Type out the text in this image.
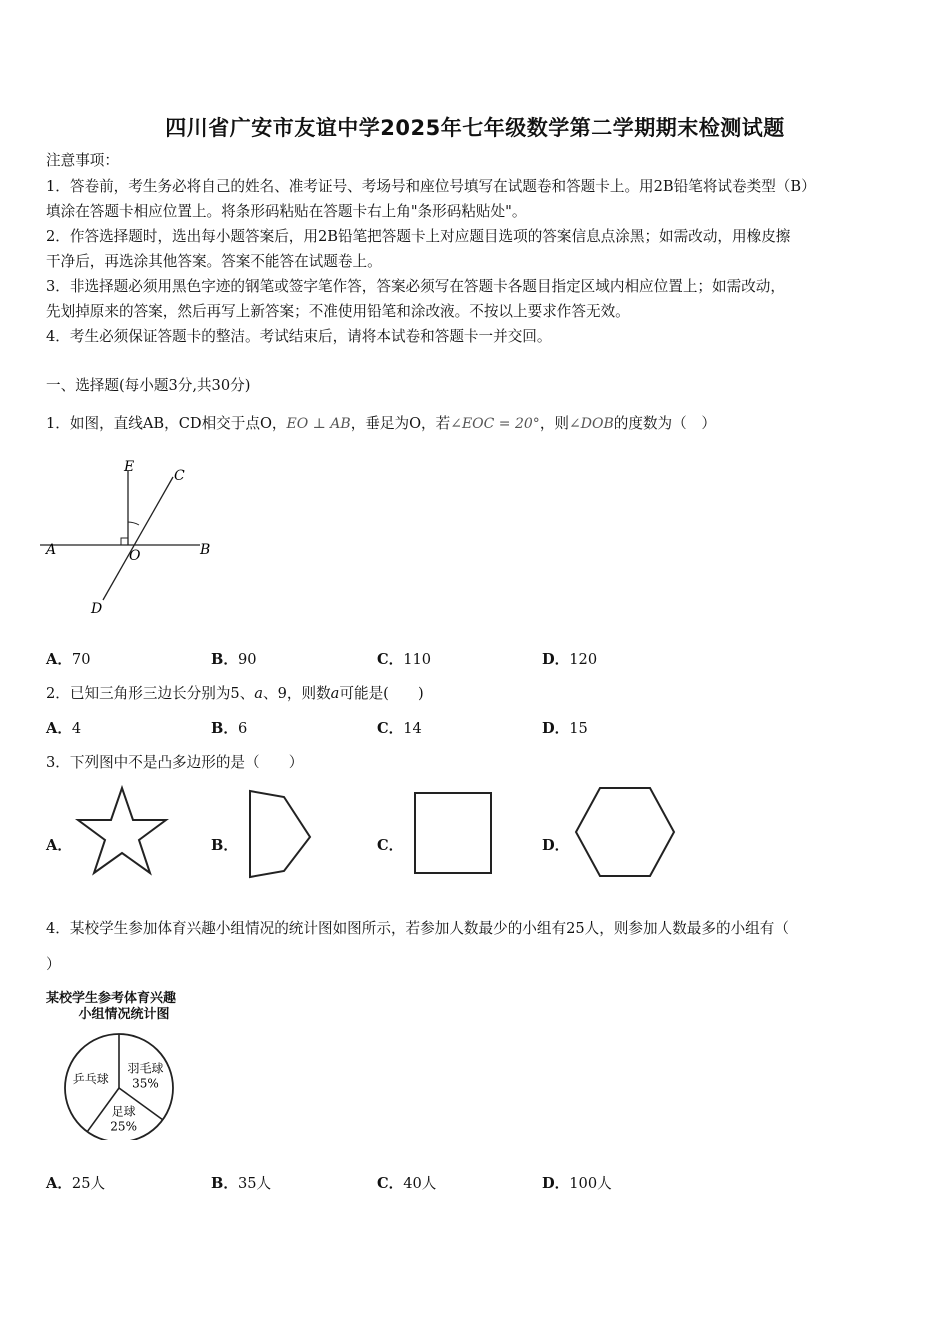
四川省广安市友谊中学2025年七年级数学第二学期期末检测试题
注意事项：
1．答卷前，考生务必将自己的姓名、准考证号、考场号和座位号填写在试题卷和答题卡上。用2B铅笔将试卷类型（B）
填涂在答题卡相应位置上。将条形码粘贴在答题卡右上角"条形码粘贴处"。
2．作答选择题时，选出每小题答案后，用2B铅笔把答题卡上对应题目选项的答案信息点涂黑；如需改动，用橡皮擦
干净后，再选涂其他答案。答案不能答在试题卷上。
3．非选择题必须用黑色字迹的钢笔或签字笔作答，答案必须写在答题卡各题目指定区域内相应位置上；如需改动，
先划掉原来的答案，然后再写上新答案；不准使用铅笔和涂改液。不按以上要求作答无效。
4．考生必须保证答题卡的整洁。考试结束后，请将本试卷和答题卡一并交回。
一、选择题(每小题3分,共30分)
1．如图，直线AB，CD相交于点O，EO ⊥ AB，垂足为O，若∠EOC = 20°，则∠DOB的度数为（　）
E
C
A	O	B
D
A．70	B．90	C．110	D．120
2．已知三角形三边长分别为5、a、9，则数a可能是(　　)
A．4	B．6	C．14	D．15
3．下列图中不是凸多边形的是（　　）
A．	B．	C．	D．
4．某校学生参加体育兴趣小组情况的统计图如图所示，若参加人数最少的小组有25人，则参加人数最多的小组有（
）
某校学生参考体育兴趣
小组情况统计图
羽毛球
35%
足球
25%
乒乓球
A．25人	B．35人	C．40人	D．100人
